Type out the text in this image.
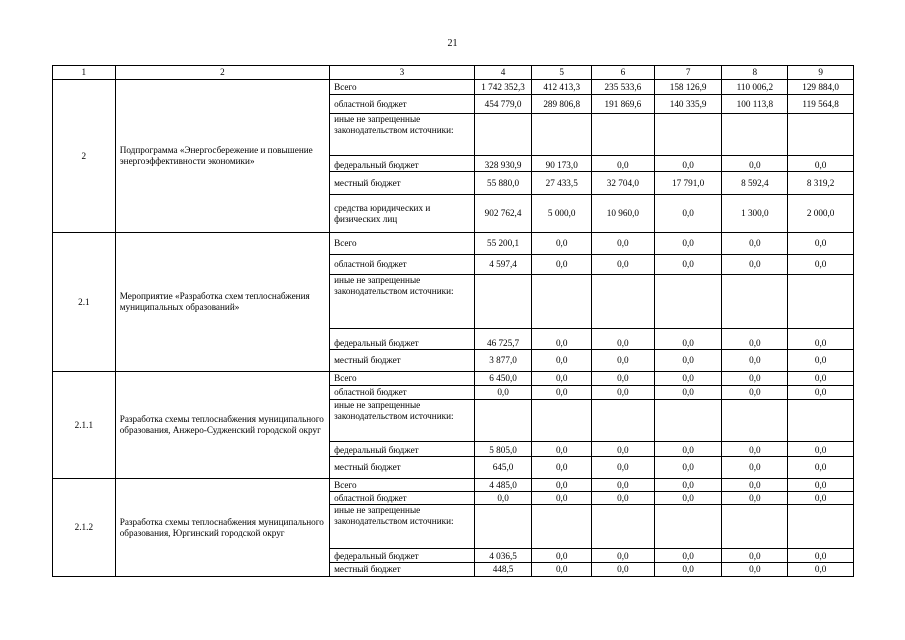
21
1	2	3	4	5	6	7	8	9
2	Подпрограмма «Энергосбережение и повышение энергоэффективности экономики»	Всего	1 742 352,3	412 413,3	235 533,6	158 126,9	110 006,2	129 884,0
		областной бюджет	454 779,0	289 806,8	191 869,6	140 335,9	100 113,8	119 564,8
		иные не запрещенные законодательством источники:						
		федеральный бюджет	328 930,9	90 173,0	0,0	0,0	0,0	0,0
		местный бюджет	55 880,0	27 433,5	32 704,0	17 791,0	8 592,4	8 319,2
		средства юридических и физических лиц	902 762,4	5 000,0	10 960,0	0,0	1 300,0	2 000,0
2.1	Мероприятие «Разработка схем теплоснабжения муниципальных образований»	Всего	55 200,1	0,0	0,0	0,0	0,0	0,0
		областной бюджет	4 597,4	0,0	0,0	0,0	0,0	0,0
		иные не запрещенные законодательством источники:						
		федеральный бюджет	46 725,7	0,0	0,0	0,0	0,0	0,0
		местный бюджет	3 877,0	0,0	0,0	0,0	0,0	0,0
2.1.1	Разработка схемы теплоснабжения муниципального образования, Анжеро-Судженский городской округ	Всего	6 450,0	0,0	0,0	0,0	0,0	0,0
		областной бюджет	0,0	0,0	0,0	0,0	0,0	0,0
		иные не запрещенные законодательством источники:						
		федеральный бюджет	5 805,0	0,0	0,0	0,0	0,0	0,0
		местный бюджет	645,0	0,0	0,0	0,0	0,0	0,0
2.1.2	Разработка схемы теплоснабжения муниципального образования, Юргинский городской округ	Всего	4 485,0	0,0	0,0	0,0	0,0	0,0
		областной бюджет	0,0	0,0	0,0	0,0	0,0	0,0
		иные не запрещенные законодательством источники:						
		федеральный бюджет	4 036,5	0,0	0,0	0,0	0,0	0,0
		местный бюджет	448,5	0,0	0,0	0,0	0,0	0,0
